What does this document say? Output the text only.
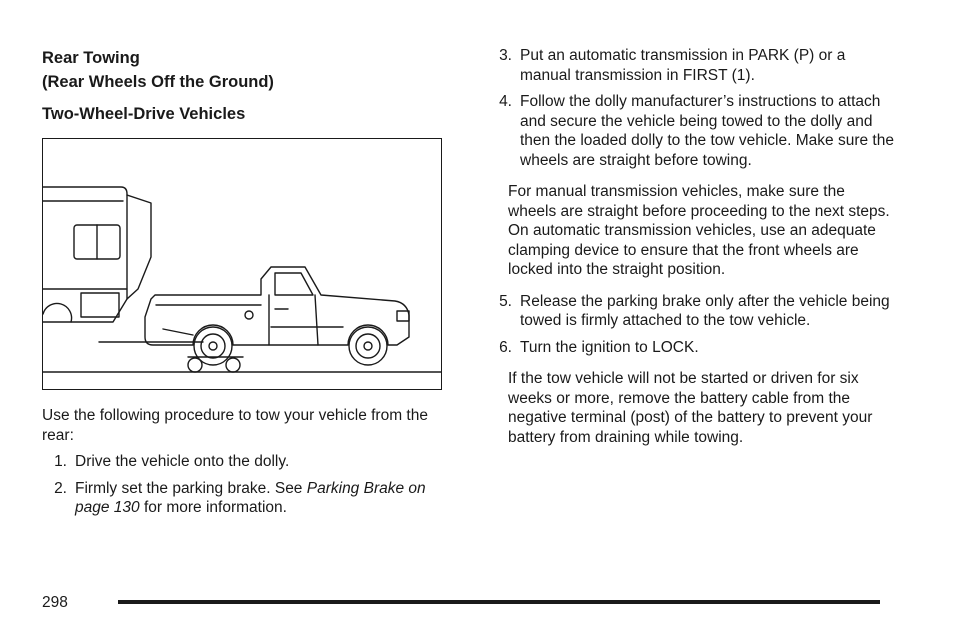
Rear Towing
(Rear Wheels Off the Ground)
Two-Wheel-Drive Vehicles

Use the following procedure to tow your vehicle from the rear:

1. Drive the vehicle onto the dolly.
2. Firmly set the parking brake. See Parking Brake on page 130 for more information.
3. Put an automatic transmission in PARK (P) or a manual transmission in FIRST (1).
4. Follow the dolly manufacturer’s instructions to attach and secure the vehicle being towed to the dolly and then the loaded dolly to the tow vehicle. Make sure the wheels are straight before towing.

For manual transmission vehicles, make sure the wheels are straight before proceeding to the next steps. On automatic transmission vehicles, use an adequate clamping device to ensure that the front wheels are locked into the straight position.

5. Release the parking brake only after the vehicle being towed is firmly attached to the tow vehicle.
6. Turn the ignition to LOCK.

If the tow vehicle will not be started or driven for six weeks or more, remove the battery cable from the negative terminal (post) of the battery to prevent your battery from draining while towing.

298
